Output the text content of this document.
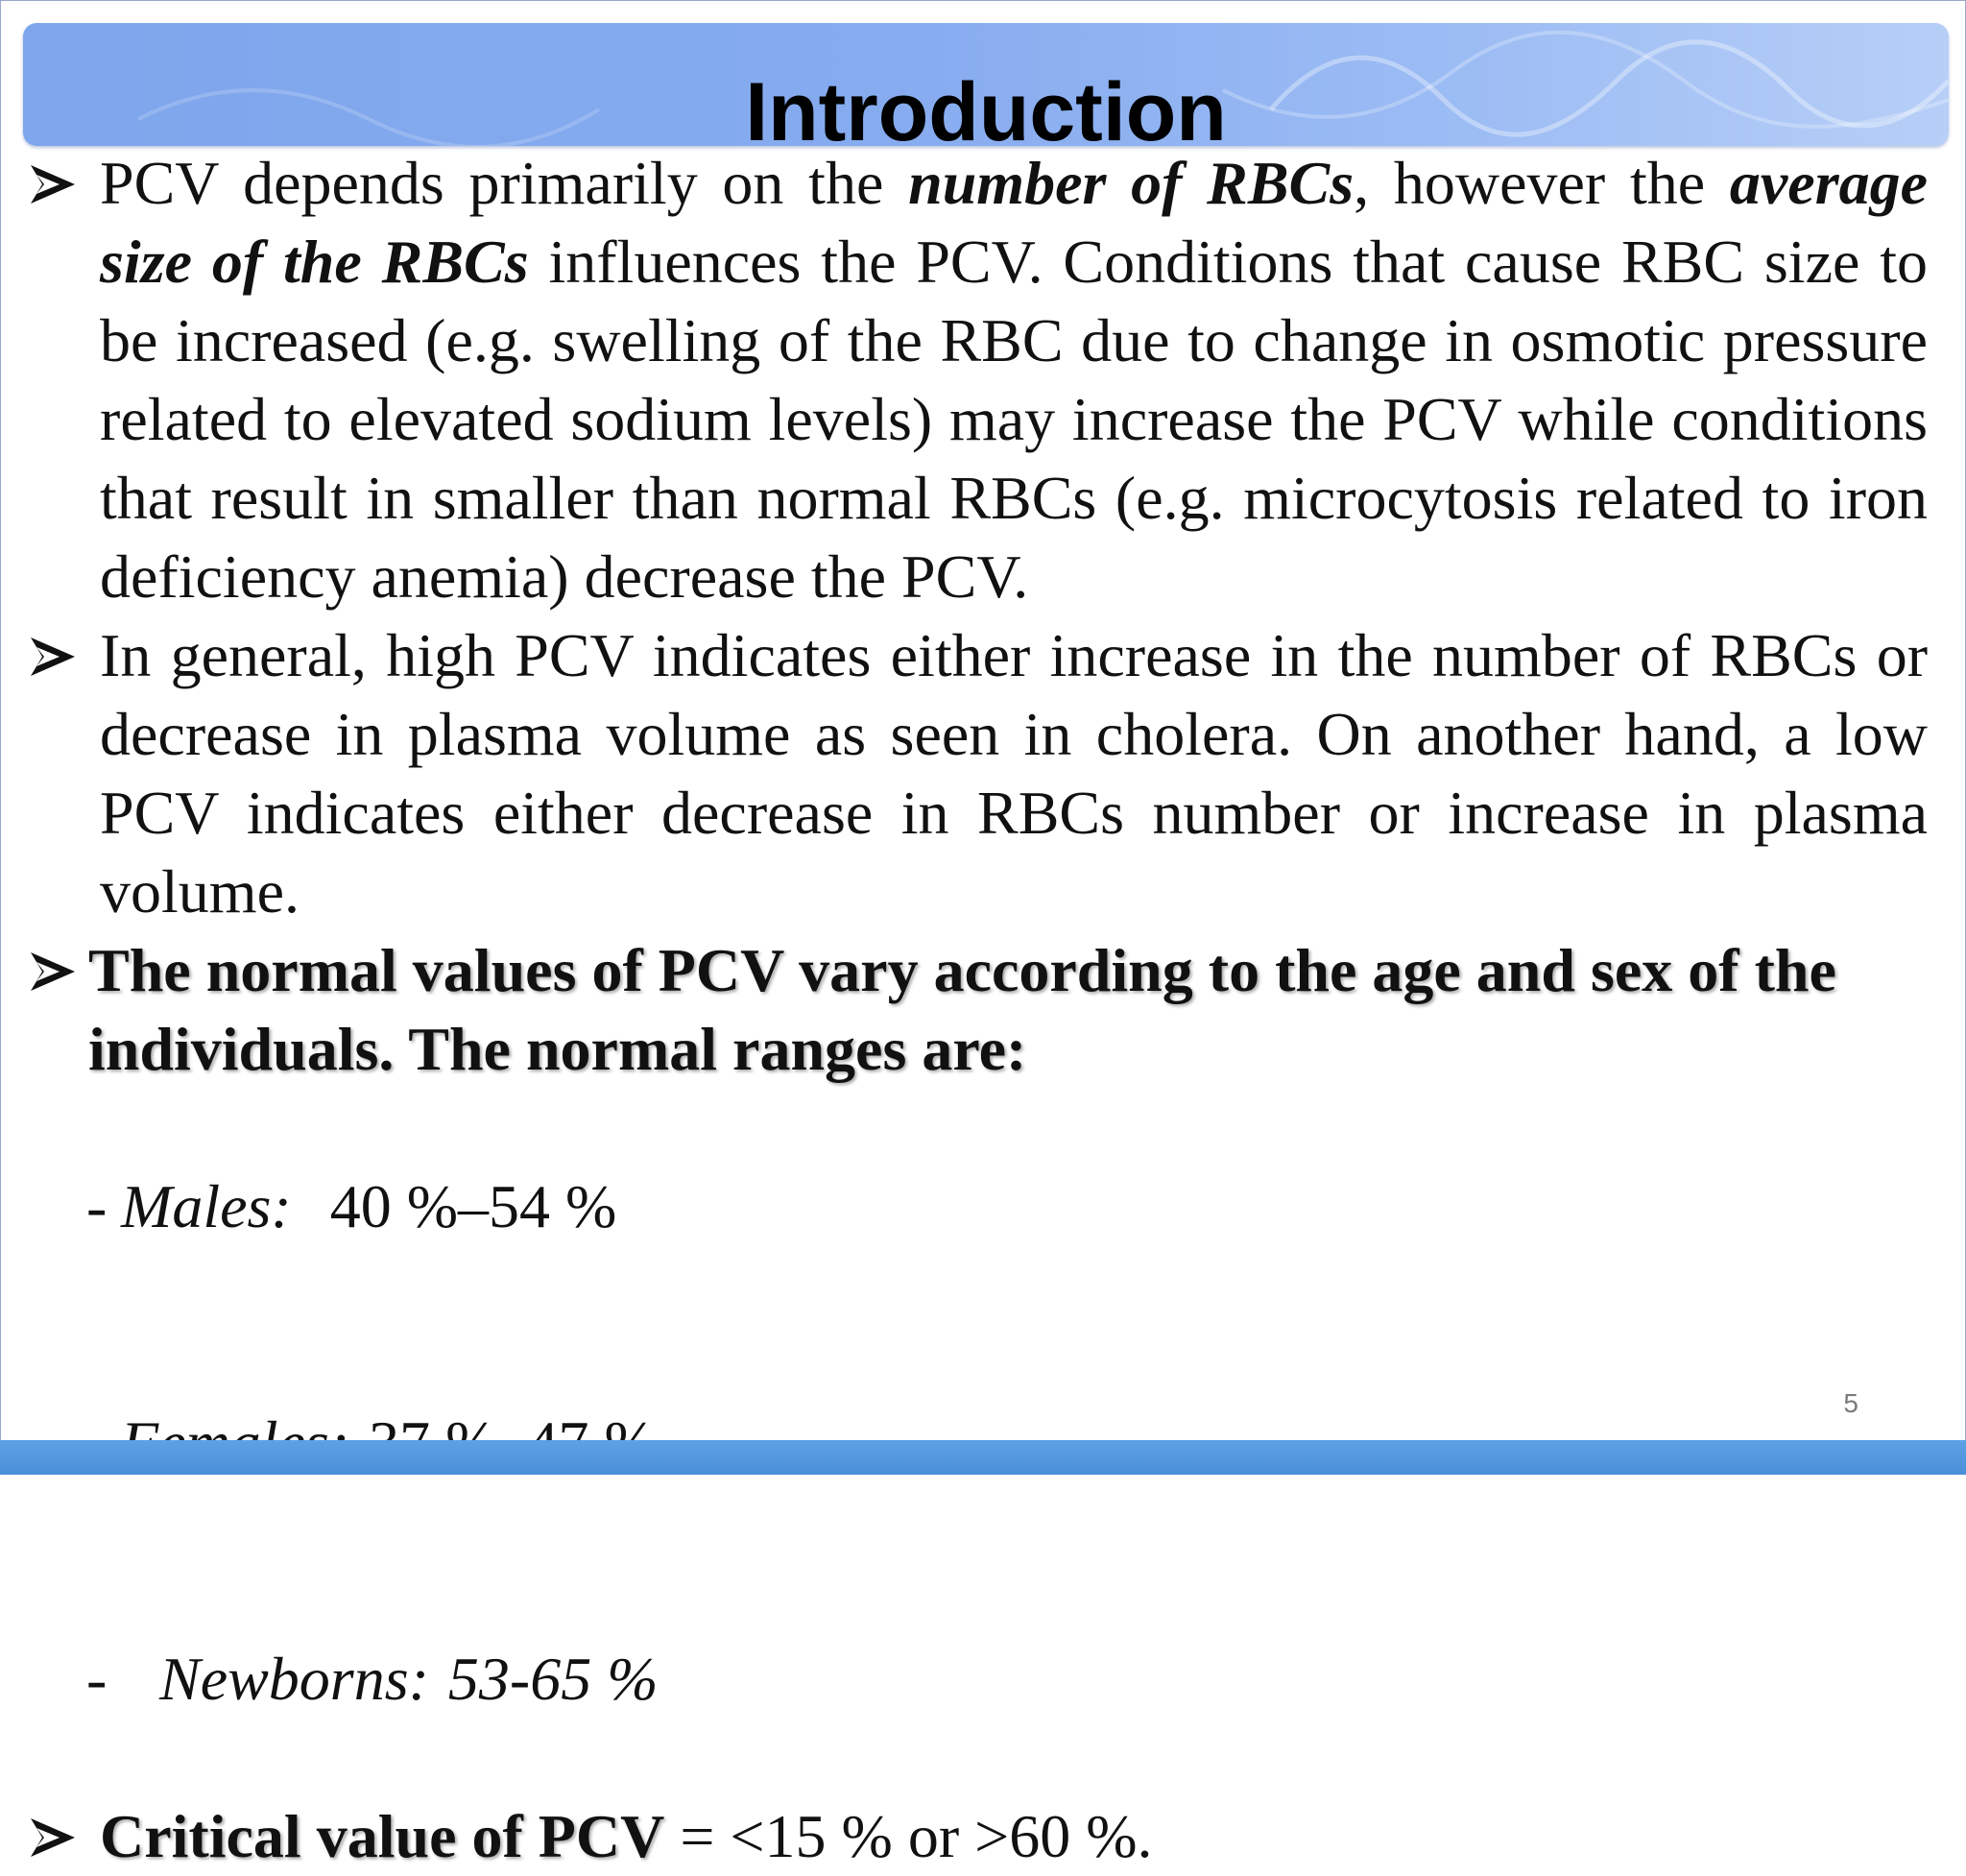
Introduction
PCV depends primarily on the number of RBCs, however the average size of the RBCs influences the PCV. Conditions that cause RBC size to be increased (e.g. swelling of the RBC due to change in osmotic pressure related to elevated sodium levels) may increase the PCV while conditions that result in smaller than normal RBCs (e.g. microcytosis related to iron deficiency anemia) decrease the PCV.
In general, high PCV indicates either increase in the number of RBCs or decrease in plasma volume as seen in cholera. On another hand, a low PCV indicates either decrease in RBCs number or increase in plasma volume.
The normal values of PCV vary according to the age and sex of the individuals. The normal ranges are:

- Males: 40 %–54 %

- Newborns: 53-65 %

Critical value of PCV = <15 % or >60 %.
5
